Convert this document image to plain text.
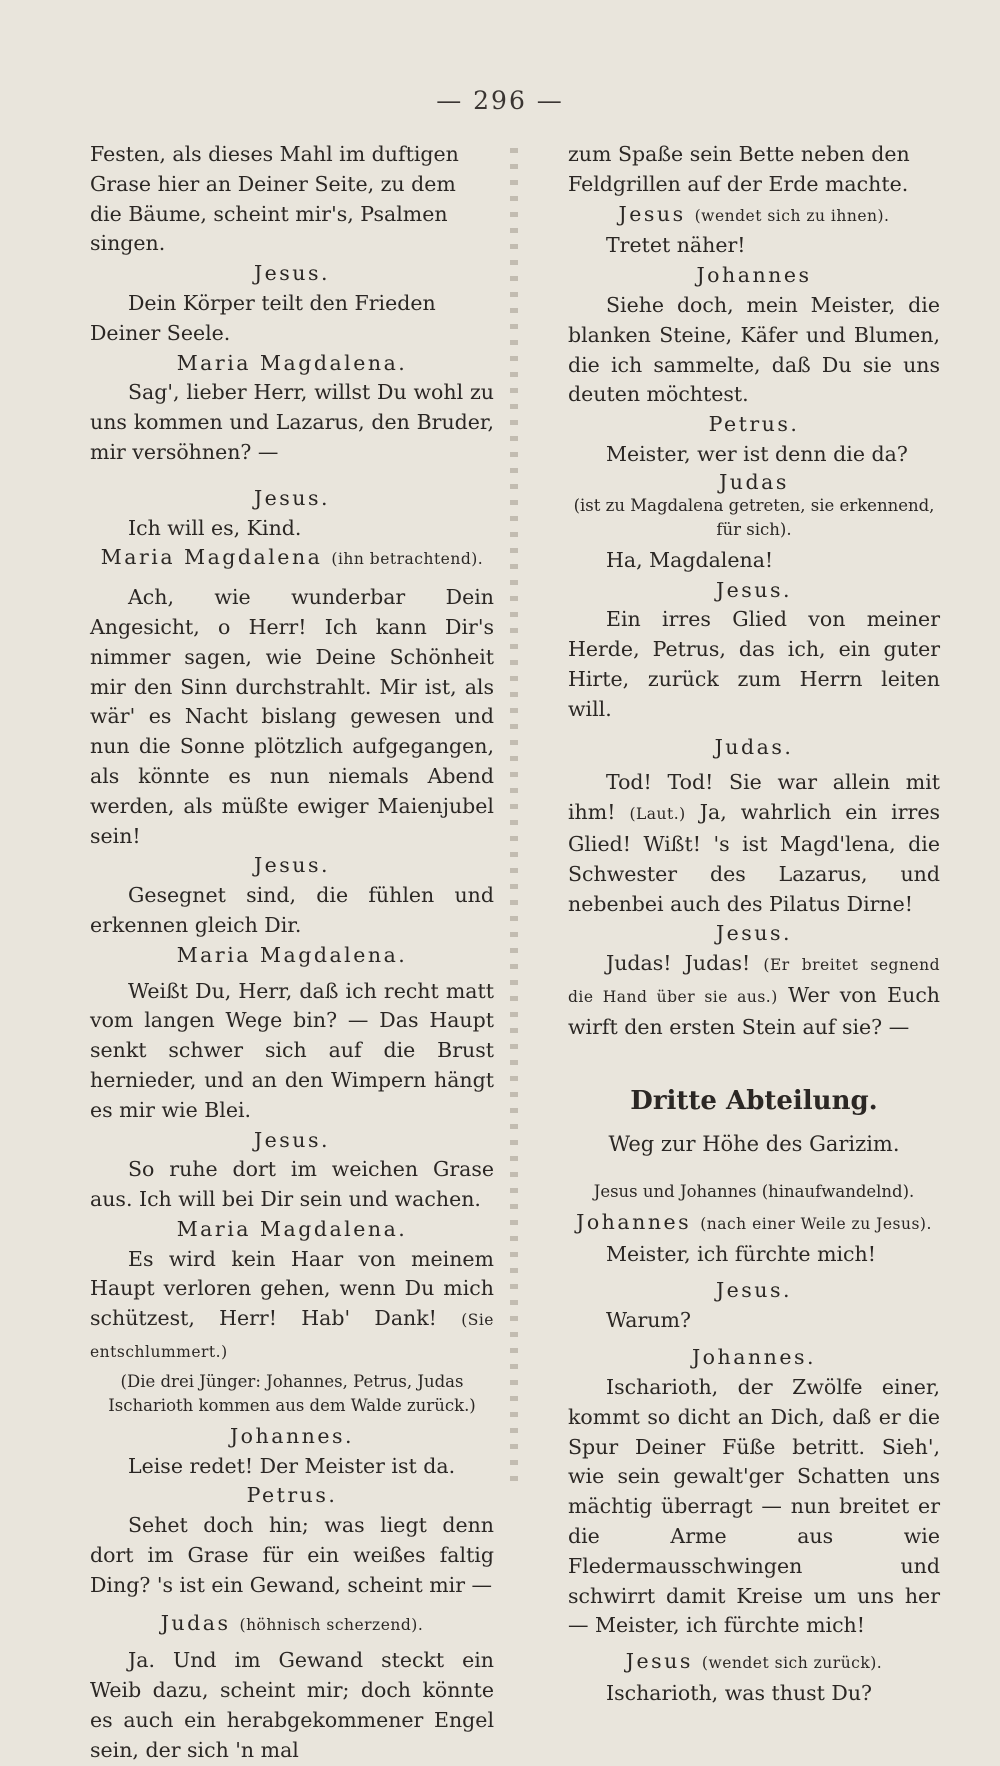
— 296 —

Festen, als dieses Mahl im duftigen Grase hier an Deiner Seite, zu dem die Bäume, scheint mir's, Psalmen singen.

Jesus.

Dein Körper teilt den Frieden Deiner Seele.

Maria Magdalena.

Sag', lieber Herr, willst Du wohl zu uns kommen und Lazarus, den Bruder, mir versöhnen? —

Jesus.

Ich will es, Kind.

Maria Magdalena (ihn betrachtend).

Ach, wie wunderbar Dein Angesicht, o Herr! Ich kann Dir's nimmer sagen, wie Deine Schönheit mir den Sinn durchstrahlt. Mir ist, als wär' es Nacht bislang gewesen und nun die Sonne plötzlich aufgegangen, als könnte es nun niemals Abend werden, als müßte ewiger Maienjubel sein!

Jesus.

Gesegnet sind, die fühlen und erkennen gleich Dir.

Maria Magdalena.

Weißt Du, Herr, daß ich recht matt vom langen Wege bin? — Das Haupt senkt schwer sich auf die Brust hernieder, und an den Wimpern hängt es mir wie Blei.

Jesus.

So ruhe dort im weichen Grase aus. Ich will bei Dir sein und wachen.

Maria Magdalena.

Es wird kein Haar von meinem Haupt verloren gehen, wenn Du mich schützest, Herr! Hab' Dank! (Sie entschlummert.)

(Die drei Jünger: Johannes, Petrus, Judas Ischarioth kommen aus dem Walde zurück.)

Johannes.

Leise redet! Der Meister ist da.

Petrus.

Sehet doch hin; was liegt denn dort im Grase für ein weißes faltig Ding? 's ist ein Gewand, scheint mir —

Judas (höhnisch scherzend).

Ja. Und im Gewand steckt ein Weib dazu, scheint mir; doch könnte es auch ein herabgekommener Engel sein, der sich 'n mal

zum Spaße sein Bette neben den Feldgrillen auf der Erde machte.

Jesus (wendet sich zu ihnen).

Tretet näher!

Johannes

Siehe doch, mein Meister, die blanken Steine, Käfer und Blumen, die ich sammelte, daß Du sie uns deuten möchtest.

Petrus.

Meister, wer ist denn die da?

Judas

(ist zu Magdalena getreten, sie erkennend, für sich).

Ha, Magdalena!

Jesus.

Ein irres Glied von meiner Herde, Petrus, das ich, ein guter Hirte, zurück zum Herrn leiten will.

Judas.

Tod! Tod! Sie war allein mit ihm! (Laut.) Ja, wahrlich ein irres Glied! Wißt! 's ist Magd'lena, die Schwester des Lazarus, und nebenbei auch des Pilatus Dirne!

Jesus.

Judas! Judas! (Er breitet segnend die Hand über sie aus.) Wer von Euch wirft den ersten Stein auf sie? —

Dritte Abteilung.

Weg zur Höhe des Garizim.

Jesus und Johannes (hinaufwandelnd).

Johannes (nach einer Weile zu Jesus).

Meister, ich fürchte mich!

Jesus.

Warum?

Johannes.

Ischarioth, der Zwölfe einer, kommt so dicht an Dich, daß er die Spur Deiner Füße betritt. Sieh', wie sein gewalt'ger Schatten uns mächtig überragt — nun breitet er die Arme aus wie Fledermausschwingen und schwirrt damit Kreise um uns her — Meister, ich fürchte mich!

Jesus (wendet sich zurück).

Ischarioth, was thust Du?
